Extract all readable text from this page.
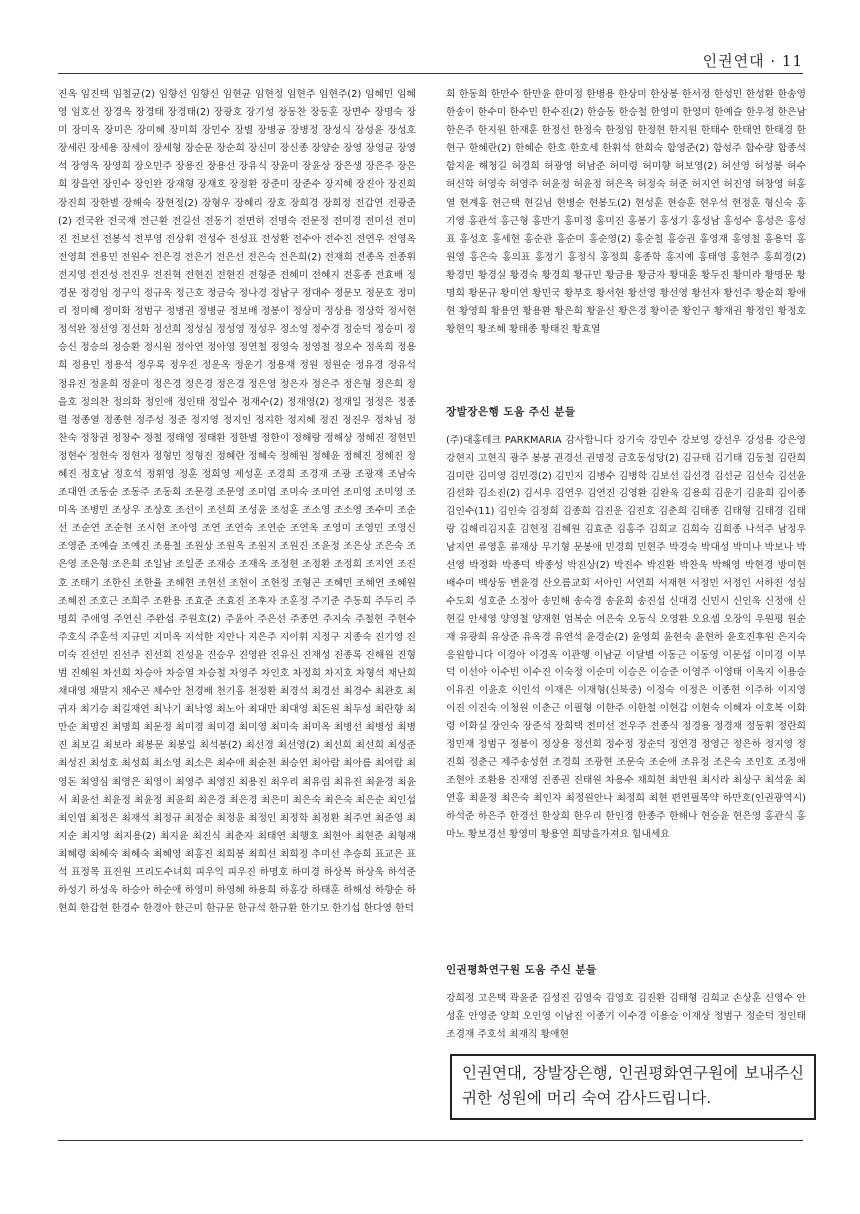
인권연대 · 11

진옥 임진택 임철균(2) 임향선 임향신 임현균 임현정 임현주 임현주(2) 임혜민 임혜영 임호선 장경옥 장경태 장경태(2) 장광호 장기성 장동찬 장동훈 장면수 장명숙 장미 장미옥 장미은 장미혜 장미희 장민수 장별 장병공 장병정 장성식 장성윤 장성호 장세린 장세용 장세이 장세형 장순문 장순희 장신미 장신종 장양순 장영 장영균 장영석 장영옥 장영희 장오민주 장용진 장용선 장유식 장윤미 장윤상 장은생 장은주 장은희 장을연 장인수 장인완 장재형 장재호 장정환 장준미 장준수 장지혜 장진아 장진희 장진희 장한별 장해숙 장현정(2) 장형우 장혜리 장호 장희경 장희정 전갑연 전광준(2) 전국완 전국재 전근환 전길선 전동기 전면히 전명숙 전문정 전미경 전미선 전미진 전보선 전봉석 전부영 전상휘 전성수 전성표 전성환 전수아 전수진 전연우 전영옥 전영희 전용민 전원수 전은경 전은기 전은선 전은숙 전은희(2) 전재희 전종옥 전종휘 전지영 전진성 전진우 전진혁 전현진 전현진 전형준 전혜미 전혜지 전홍종 전효배 정경문 정경임 정구익 정규옥 정근호 정금숙 정나경 정남구 정대수 정문모 정문호 정미리 정미혜 정미화 정범구 정병권 정병균 정보배 정봉이 정상미 정상용 정상학 정서현 정석완 정선영 정선화 정선희 정성심 정성영 정성우 정소영 정수경 정순덕 정승미 정승신 정승의 정승환 정시원 정아연 정아영 정연철 정영숙 정영철 정오수 정옥희 정용희 정용민 정용석 정우록 정우진 정운옥 정운기 정용재 정원 정원순 정유경 정유석 정유진 정윤희 정윤미 정은경 정은경 정은경 정은영 정은자 정은주 정은형 정은희 정을호 정의찬 정의화 정인애 정인태 정일수 정재수(2) 정재영(2) 정재일 정정은 정종렬 정종열 정종현 정주성 정준 정지영 정지인 정지한 정지혜 정진 정진우 정차님 정찬숙 정창권 정창수 정철 정태영 정태환 정한별 정한이 정해랑 정해상 정혜진 정현민 정현수 정현숙 정현자 정형민 정형진 정혜란 정혜숙 정혜원 정혜윤 정혜진 정혜진 정혜진 정호남 정호석 정휘영 정훈 정희영 제성훈 조경희 조경재 조광 조광재 조남숙 조대연 조동순 조동주 조동희 조문경 조문영 조미엽 조미숙 조미연 조미영 조미영 조미옥 조병민 조상우 조상호 조선이 조선희 조성윤 조성훈 조소영 조소영 조수미 조순선 조순연 조순현 조시현 조아영 조연 조연숙 조연순 조연옥 조영미 조영민 조영신 조영준 조예슬 조예진 조용철 조원상 조원옥 조원지 조원진 조윤정 조은상 조은숙 조은영 조은형 조은희 조일남 조일준 조재승 조재옥 조정현 조정환 조정희 조지연 조진호 조태기 조한신 조한율 조해현 조현선 조현이 조현정 조형곤 조혜민 조혜연 조혜원 조혜진 조호근 조희주 조환용 조효준 조효진 조후자 조훈정 주기준 주동희 주두리 주명희 주애영 주연신 주완섭 주원호(2) 주윤아 주은선 주종연 주지숙 주철현 주현수 주호식 주훈석 지규민 지미옥 지석한 지안나 지은주 지이휘 지정구 지종숙 진기영 진미숙 진선민 진선주 진선희 진성윤 진승우 진영완 진유신 진재성 진종록 진해원 진형범 진혜원 차선희 차승아 차승열 차승철 차영주 차인호 차정희 차지호 차형석 채난희 채대영 채말지 채수곤 채수안 천경배 천기홍 천정환 최경석 최경선 최경수 최관호 최귀자 최기승 최길재연 최낙기 최낙영 최노아 최대만 최대영 최돈원 최두성 최란향 최만순 최명진 최명희 최문정 최미경 최미경 최미영 최미숙 최미옥 최병선 최병성 최병진 최보길 최보라 최봉문 최봉일 최석봉(2) 최선경 최선영(2) 최선희 최선희 최성준 최성진 최성호 최성희 최소영 최소은 최수애 최순천 최승연 최아람 최아름 최여람 최영돈 최영심 최영은 최영이 최영주 최영진 최용진 최우리 최유림 최유진 최윤경 최윤서 최윤선 최윤정 최윤정 최윤희 최은경 최은경 최은미 최은숙 최은숙 최은순 최인섭 최인엽 최정은 최재석 최정규 최정순 최정윤 최정인 최정학 최정환 최주연 최준영 최지순 최지영 최지용(2) 최지윤 최진식 최춘자 최태연 최행호 최현아 최현준 최형재 최혜령 최혜숙 최혜숙 최혜영 최홍진 최희봉 최희선 최희정 추미선 추승희 표교은 표석 표정목 표진원 프리도수녀회 피우익 피우진 하명호 하미경 하상복 하상욱 하석준 하성기 하성욱 하승아 하순애 하영미 하영혜 하용희 하홍강 하태훈 하해성 하향순 하현희 한갑현 한경수 한경아 한근미 한규문 한규석 한규환 한기모 한기섭 한다영 한덕

희 한동희 한만수 한만윤 한미정 한병용 한상미 한상봉 한서정 한성민 한성환 한송영 한송이 한수미 한수민 한수진(2) 한승동 한승철 한영미 한영미 한예슬 한우정 한은남 한은주 한지원 한재훈 한정선 한정숙 한정임 한정현 한지원 한태수 한태연 한태경 한현구 한혜란(2) 한혜순 한호 한호세 한휘석 한희숙 함영준(2) 함성주 함수량 함종석 함지윤 해청길 허경희 허광영 허남준 허미령 허미향 허보영(2) 허선영 허성봉 허수 허신학 허영숙 허영주 허윤정 허윤정 허은옥 허정숙 허준 허지연 허진영 허창영 허홍열 현계홍 현근택 현길님 현병순 현봉도(2) 현성훈 현승훈 현우석 현정훈 형신숙 홍기영 홍관석 홍근형 홍만기 홍미정 홍미진 홍봉기 홍성기 홍성남 홍성수 홍성은 홍성표 홍성호 홍세현 홍순관 홍순미 홍순영(2) 홍순철 홍승권 홍영재 홍영철 홍용덕 홍원영 홍은숙 홍의표 홍정기 홍정식 홍정희 홍종학 홍지예 홍태영 홍현주 홍희경(2) 황경민 황경실 황경숙 황경희 황규민 황금용 황금자 황대훈 황두진 황미라 황명문 황명희 황문규 황미연 황민국 황부호 황서현 황선영 황선영 황선자 황선주 황순희 황애현 황영희 황용연 황용환 황은희 황윤신 황은경 황이준 황인구 황재권 황정인 황정호 황현익 황조혜 황태종 황태진 황효열

장발장은행 도움 주신 분들

(주)대홍테크 PARKMARIA 감사합니다 강기숙 강민수 강보영 강선우 강성용 강은영 강현지 고현직 광주 봉봉 권경선 권명정 금호동성당(2) 김규태 김기태 김동철 김란희 김미란 김미영 김민경(2) 김민지 김병수 김병학 김보선 김선경 김선균 김선숙 김선윤 김선화 김소진(2) 김시우 김연우 김연진 김영환 김완욱 김용희 김운기 김윤희 김이종 김인수(11) 김인숙 김정희 김종희 김진운 김진호 김춘희 김태종 김태형 김태경 김태랑 김해리김지훈 김현정 김혜원 김효준 김홍주 김희교 김희숙 김희종 나석주 남정우 남지연 류영훈 류재상 무기형 문봉애 민경희 민현주 박경숙 박대성 박미나 박보나 박선영 박정화 박종덕 박종성 박진상(2) 박진수 박진환 박찬욱 박해영 박현경 방미현 배수미 백상동 변윤경 산오름교회 서아인 서연희 서재현 서정민 서정인 서하진 성심수도회 성호준 소정아 송민해 송숙경 송윤희 송진섭 신대경 신민시 신인욱 신정애 신현길 안세영 양영철 양재현 엄복순 여은숙 오동식 오영환 오요셉 오장익 우원평 원순재 유광희 유상준 유옥경 유연석 윤경순(2) 윤영희 윤현숙 윤현하 윤호진후원 은지숙 응원합니다 이경아 이경옥 이관행 이남균 이달별 이동근 이동영 이문섭 이미경 이부덕 이선아 이수빈 이수진 이숙정 이순미 이승은 이승준 이영주 이영태 이옥지 이용승 이유진 이윤호 이인석 이재은 이재형(신북중) 이정숙 이정은 이종현 이주하 이지영 이진 이진숙 이청원 이춘근 이필형 이한주 이한철 이현갑 이현숙 이혜자 이호복 이화령 이화실 장인숙 장준석 장희택 전미선 전우주 전종식 정경용 정경채 정동휘 정란희 정민재 정범구 정봉이 정상용 정선희 정수정 정순덕 정연경 정영근 정은하 정지영 정진희 정춘근 제주송성현 조경희 조광현 조문숙 조순애 조유정 조은숙 조인호 조정애 조현아 조환용 진재영 진종권 진태원 차용수 채희현 최만원 최시라 최상구 최석윤 최연홍 최윤정 최은숙 최인자 최정원안나 최정희 최현 편연필목약 하만호(인권광역시) 하석준 하은주 한경선 한상희 한우리 한인경 한종주 한해나 현승윤 현은영 홍관식 홍마노 황보경선 황영미 황용연 희망을가져요 힘내세요

인권평화연구원 도움 주신 분들

강희정 고은택 곽윤준 김성진 김영숙 김영호 김진환 김태형 김희교 손상훈 신영수 안성훈 안영준 양희 오인영 이남진 이종기 이수경 이용승 이재상 정범구 정순덕 정인태 조경재 주호석 최재직 황애현

인권연대, 장발장은행, 인권평화연구원에 보내주신 귀한 성원에 머리 숙여 감사드립니다.
